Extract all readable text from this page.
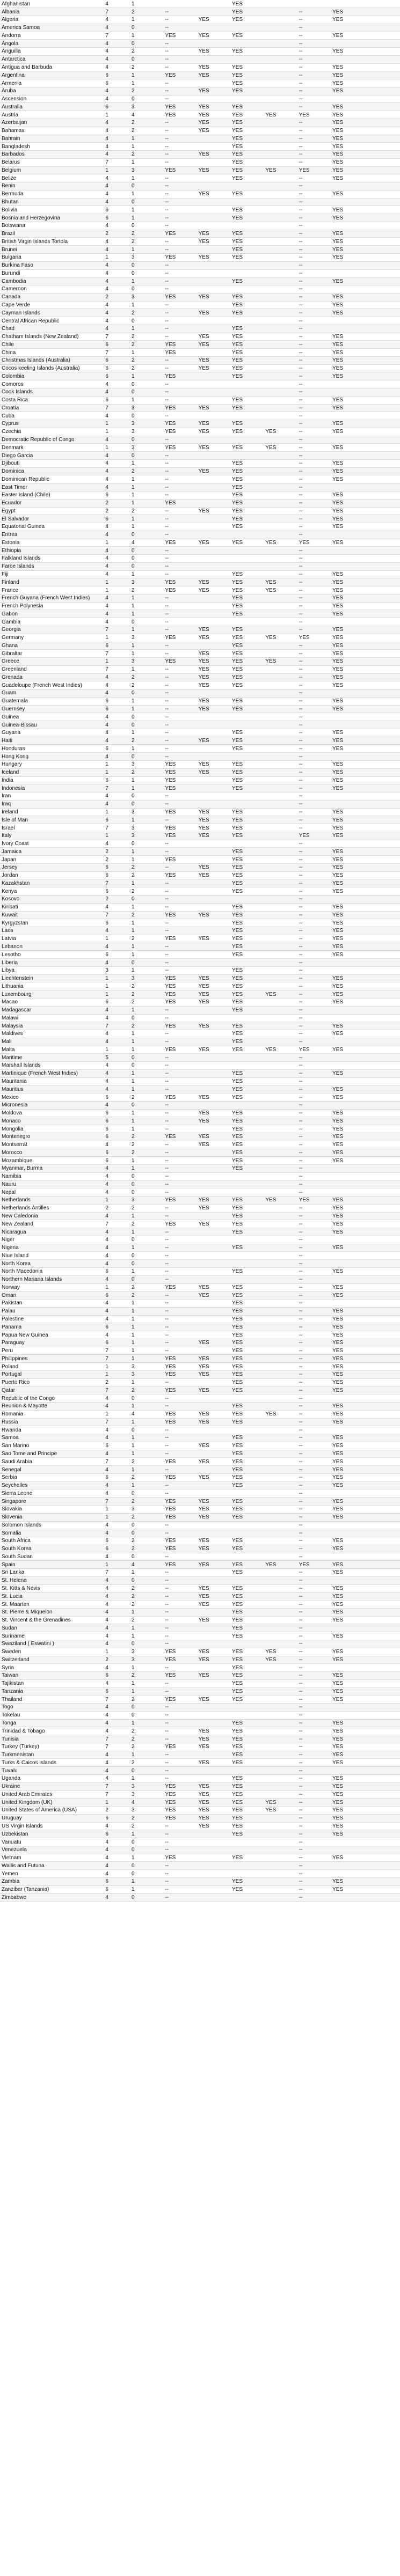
Afghanistan	4	1			YES				
Albania	7	2	--		YES		--	YES	
Algeria	4	1	--	YES	YES		--	YES	
America Samoa	4	0	--				--		
Andorra	7	1	YES	YES	YES		--	YES	
Angola	4	0	--				--		
Anguilla	4	2	--	YES	YES		--	YES	
Antarctica	4	0	--				--		
Antigua and Barbuda	4	2	--	YES	YES		--	YES	
Argentina	6	1	YES	YES	YES		--	YES	
Armenia	6	1	--		YES		--	YES	
Aruba	4	2	--	YES	YES		--	YES	
Ascension	4	0	--				--		
Australia	6	3	YES	YES	YES		--	YES	
Austria	1	4	YES	YES	YES	YES	YES	YES	
Azerbaijan	4	2	--	YES	YES		--	YES	
Bahamas	4	2	--	YES	YES		--	YES	
Bahrain	4	1	--		YES		--	YES	
Bangladesh	4	1	--		YES		--	YES	
Barbados	4	2	--	YES	YES		--	YES	
Belarus	7	1	--		YES		--	YES	
Belgium	1	3	YES	YES	YES	YES	YES	YES	
Belize	4	1	--		YES		--	YES	
Benin	4	0	--				--		
Bermuda	4	1	--	YES	YES		--	YES	
Bhutan	4	0	--				--		
Bolivia	6	1	--		YES		--	YES	
Bosnia and Herzegovina	6	1	--		YES		--	YES	
Botswana	4	0	--				--		
Brazil	2	2	YES	YES	YES		--	YES	
British Virgin Islands Tortola	4	2	--	YES	YES		--	YES	
Brunei	4	1	--		YES		--	YES	
Bulgaria	1	3	YES	YES	YES		--	YES	
Burkina Faso	4	0	--				--		
Burundi	4	0	--				--		
Cambodia	4	1	--		YES		--	YES	
Cameroon	4	0	--				--		
Canada	2	3	YES	YES	YES		--	YES	
Cape Verde	4	1	--		YES		--	YES	
Cayman Islands	4	2	--	YES	YES		--	YES	
Central African Republic	4	0	--				--		
Chad	4	1	--		YES		--		
Chatham Islands (New Zealand)	7	2	--	YES	YES		--	YES	
Chile	6	2	YES	YES	YES		--	YES	
China	7	1	YES		YES		--	YES	
Christmas Islands (Australia)	6	2	--	YES	YES		--	YES	
Cocos keeling Islands (Australia)	6	2	--	YES	YES		--	YES	
Colombia	6	1	YES		YES		--	YES	
Comoros	4	0	--				--		
Cook Islands	4	0	--				--		
Costa Rica	6	1	--		YES		--	YES	
Croatia	7	3	YES	YES	YES		--	YES	
Cuba	4	0	--				--		
Cyprus	1	3	YES	YES	YES		--	YES	
Czechia	1	3	YES	YES	YES	YES	--	YES	
Democratic Republic of Congo	4	0	--				--		
Denmark	1	3	YES	YES	YES	YES	--	YES	
Diego Garcia	4	0	--				--		
Djibouti	4	1	--		YES		--	YES	
Dominica	4	2	--	YES	YES		--	YES	
Dominican Republic	4	1	--		YES		--	YES	
East Timor	4	1	--		YES		--		
Easter Island (Chile)	6	1	--		YES		--	YES	
Ecuador	2	1	YES		YES		--	YES	
Egypt	2	2	--	YES	YES		--	YES	
El Salvador	6	1	--		YES		--	YES	
Equatorial Guinea	4	1	--		YES		--	YES	
Eritrea	4	0	--				--		
Estonia	1	4	YES	YES	YES	YES	YES	YES	
Ethiopia	4	0	--				--		
Falkland Islands	4	0	--				--		
Faroe Islands	4	0	--				--		
Fiji	4	1	--		YES		--	YES	
Finland	1	3	YES	YES	YES	YES	--	YES	
France	1	2	YES	YES	YES	YES	--	YES	
French Guyana (French West Indies)	4	1	--		YES		--	YES	
French Polynesia	4	1	--		YES		--	YES	
Gabon	4	1	--		YES		--	YES	
Gambia	4	0	--				--		
Georgia	7	1	--	YES	YES		--	YES	
Germany	1	3	YES	YES	YES	YES	YES	YES	
Ghana	6	1	--		YES		--	YES	
Gibraltar	7	1	--	YES	YES		--	YES	
Greece	1	3	YES	YES	YES	YES	--	YES	
Greenland	7	1	--	YES	YES		--	YES	
Grenada	4	2	--	YES	YES		--	YES	
Guadeloupe (French West Indies)	4	2	--	YES	YES		--	YES	
Guam	4	0	--				--		
Guatemala	6	1	--	YES	YES		--	YES	
Guernsey	6	1	--	YES	YES		--	YES	
Guinea	4	0	--				--		
Guinea-Bissau	4	0	--				--		
Guyana	4	1	--		YES		--	YES	
Haiti	4	2	--	YES	YES		--	YES	
Honduras	6	1	--		YES		--	YES	
Hong Kong	4	0	--				--		
Hungary	1	3	YES	YES	YES		--	YES	
Iceland	1	2	YES	YES	YES		--	YES	
India	6	1	YES		YES		--	YES	
Indonesia	7	1	YES		YES		--	YES	
Iran	4	0	--				--		
Iraq	4	0	--				--		
Ireland	1	3	YES	YES	YES		--	YES	
Isle of Man	6	1	--	YES	YES		--	YES	
Israel	7	3	YES	YES	YES		--	YES	
Italy	1	3	YES	YES	YES		YES	YES	
Ivory Coast	4	0	--				--		
Jamaica	2	1	--		YES		--	YES	
Japan	2	1	YES		YES		--	YES	
Jersey	6	2	--	YES	YES		--	YES	
Jordan	6	2	YES	YES	YES		--	YES	
Kazakhstan	7	1	--		YES		--	YES	
Kenya	6	2	--		YES		--	YES	
Kosovo	2	0	--				--		
Kiribati	4	1	--		YES		--	YES	
Kuwait	7	2	YES	YES	YES		--	YES	
Kyrgyzstan	6	1	--		YES		--	YES	
Laos	4	1	--		YES		--	YES	
Latvia	1	2	YES	YES	YES		--	YES	
Lebanon	4	1	--		YES		--	YES	
Lesotho	6	1	--		YES		--	YES	
Liberia	4	0	--				--		
Libya	3	1	--		YES		--		
Liechtenstein	1	3	YES	YES	YES		--	YES	
Lithuania	1	2	YES	YES	YES		--	YES	
Luxembourg	1	2	YES	YES	YES	YES	--	YES	
Macao	6	2	YES	YES	YES		--	YES	
Madagascar	4	1	--		YES		--		
Malawi	4	0	--				--		
Malaysia	7	2	YES	YES	YES		--	YES	
Maldives	4	1	--		YES		--	YES	
Mali	4	1	--		YES		--		
Malta	1	1	YES	YES	YES	YES	YES	YES	
Maritime	5	0	--				--		
Marshall Islands	4	0	--				--		
Martinique (French West Indies)	4	1	--		YES		--	YES	
Mauritania	4	1	--		YES		--		
Mauritius	4	1	--		YES		--	YES	
Mexico	6	2	YES	YES	YES		--	YES	
Micronesia	4	0	--				--		
Moldova	6	1	--	YES	YES		--	YES	
Monaco	6	1	--	YES	YES		--	YES	
Mongolia	6	1	--		YES		--	YES	
Montenegro	6	2	YES	YES	YES		--	YES	
Montserrat	4	2	--	YES	YES		--	YES	
Morocco	6	2	--		YES		--	YES	
Mozambique	6	1	--		YES		--	YES	
Myanmar, Burma	4	1	--		YES		--		
Namibia	4	0	--				--		
Nauru	4	0	--				--		
Nepal	4	0	--				--		
Netherlands	1	3	YES	YES	YES	YES	YES	YES	
Netherlands Antilles	2	2	--	YES	YES		--	YES	
New Caledonia	4	1	--		YES		--	YES	
New Zealand	7	2	YES	YES	YES		--	YES	
Nicaragua	4	1	--		YES		--	YES	
Niger	4	0	--				--		
Nigeria	4	1	--		YES		--	YES	
Niue Island	4	0	--				--		
North Korea	4	0	--				--		
North Macedonia	6	1	--		YES		--	YES	
Northern Mariana Islands	4	0	--				--		
Norway	1	2	YES	YES	YES		--	YES	
Oman	6	2	--	YES	YES		--	YES	
Pakistan	4	1	--		YES		--		
Palau	4	1	--		YES		--	YES	
Palestine	4	1	--		YES		--	YES	
Panama	6	1	--		YES		--	YES	
Papua New Guinea	4	1	--		YES		--	YES	
Paraguay	6	1	--	YES	YES		--	YES	
Peru	7	1	--		YES		--	YES	
Philippines	7	1	YES	YES	YES		--	YES	
Poland	1	3	YES	YES	YES		--	YES	
Portugal	1	3	YES	YES	YES		--	YES	
Puerto Rico	2	1	--		YES		--	YES	
Qatar	7	2	YES	YES	YES		--	YES	
Republic of the Congo	4	0	--				--		
Reunion & Mayotte	4	1	--		YES		--	YES	
Romania	1	4	YES	YES	YES	YES	--	YES	
Russia	7	1	YES	YES	YES		--	YES	
Rwanda	4	0	--				--		
Samoa	4	1	--		YES		--	YES	
San Marino	6	1	--	YES	YES		--	YES	
Sao Tome and Principe	4	1	--		YES		--	YES	
Saudi Arabia	7	2	YES	YES	YES		--	YES	
Senegal	4	1	--		YES		--	YES	
Serbia	6	2	YES	YES	YES		--	YES	
Seychelles	4	1	--		YES		--	YES	
Sierra Leone	4	0	--				--		
Singapore	7	2	YES	YES	YES		--	YES	
Slovakia	1	3	YES	YES	YES		--	YES	
Slovenia	1	2	YES	YES	YES		--	YES	
Solomon Islands	4	0	--				--		
Somalia	4	0	--				--		
South Africa	6	2	YES	YES	YES		--	YES	
South Korea	6	2	YES	YES	YES		--	YES	
South Sudan	4	0	--				--		
Spain	1	4	YES	YES	YES	YES	YES	YES	
Sri Lanka	7	1	--		YES		--	YES	
St. Helena	4	0	--				--		
St. Kitts & Nevis	4	2	--	YES	YES		--	YES	
St. Lucia	4	2	--	YES	YES		--	YES	
St. Maarten	4	2	--	YES	YES		--	YES	
St. Pierre & Miquelon	4	1	--		YES		--	YES	
St. Vincent & the Grenadines	4	2	--	YES	YES		--	YES	
Sudan	4	1	--		YES		--		
Suriname	4	1	--		YES		--	YES	
Swaziland ( Eswatini )	4	0	--				--		
Sweden	1	3	YES	YES	YES	YES	--	YES	
Switzerland	2	3	YES	YES	YES	YES	--	YES	
Syria	4	1	--		YES		--		
Taiwan	6	2	YES	YES	YES		--	YES	
Tajikistan	4	1	--		YES		--	YES	
Tanzania	6	1	--		YES		--	YES	
Thailand	7	2	YES	YES	YES		--	YES	
Togo	4	0	--				--		
Tokelau	4	0	--				--		
Tonga	4	1	--		YES		--	YES	
Trinidad & Tobago	4	2	--	YES	YES		--	YES	
Tunisia	7	2	--	YES	YES		--	YES	
Turkey (Turkey)	7	2	YES	YES	YES		--	YES	
Turkmenistan	4	1	--		YES		--	YES	
Turks & Caicos Islands	4	2	--	YES	YES		--	YES	
Tuvalu	4	0	--				--		
Uganda	4	1	--		YES		--	YES	
Ukraine	7	3	YES	YES	YES		--	YES	
United Arab Emirates	7	3	YES	YES	YES		--	YES	
United Kingdom (UK)	1	4	YES	YES	YES	YES	--	YES	
United States of America (USA)	2	3	YES	YES	YES	YES	--	YES	
Uruguay	6	2	YES	YES	YES		--	YES	
US Virgin Islands	4	2	--	YES	YES		--	YES	
Uzbekistan	6	1	--		YES		--	YES	
Vanuatu	4	0	--				--		
Venezuela	4	0	--				--		
Vietnam	4	1	YES		YES		--	YES	
Wallis and Futuna	4	0	--				--		
Yemen	4	0	--				--		
Zambia	6	1	--		YES		--	YES	
Zanzibar (Tanzania)	6	1	--		YES		--	YES	
Zimbabwe	4	0	--				--		
